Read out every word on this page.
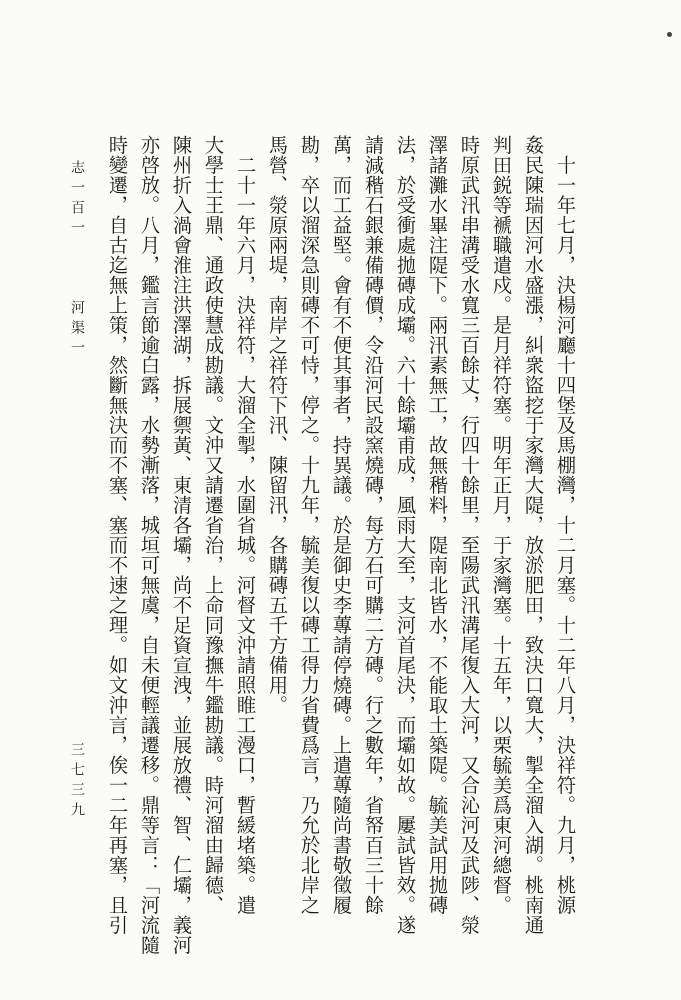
　十一年七月，決楊河廳十四堡及馬棚灣，十二月塞。十二年八月，決祥符。九月，桃源
姦民陳瑞因河水盛漲，糾衆盜挖于家灣大隄，放淤肥田，致決口寬大，掣全溜入湖。桃南通
判田鋭等褫職遣戍。是月祥符塞。明年正月，于家灣塞。十五年，以栗毓美爲東河總督。
時原武汛串溝受水寬三百餘丈，行四十餘里，至陽武汛溝尾復入大河，又合沁河及武陟、滎
澤諸灘水畢注隄下。兩汛素無工，故無稭料，隄南北皆水，不能取土築隄。毓美試用拋磚
法，於受衝處拋磚成壩。六十餘壩甫成，風雨大至，支河首尾決，而壩如故。屢試皆效。遂
請減稭石銀兼備磚價，令沿河民設窯燒磚，每方石可購二方磚。行之數年，省帑百三十餘
萬，而工益堅。會有不便其事者，持異議。於是御史李蓴請停燒磚。上遣蓴隨尚書敬徵履
勘，卒以溜深急則磚不可恃，停之。十九年，毓美復以磚工得力省費爲言，乃允於北岸之
馬營、滎原兩堤，南岸之祥符下汛、陳留汛，各購磚五千方備用。
　二十一年六月，決祥符，大溜全掣，水圍省城。河督文沖請照睢工漫口，暫緩堵築。遣
大學士王鼎、通政使慧成勘議。文沖又請遷省治，上命同豫撫牛鑑勘議。時河溜由歸德、
陳州折入渦會淮注洪澤湖，拆展禦黃、東清各壩，尚不足資宣洩，並展放禮、智、仁壩，義河
亦啓放。八月，鑑言節逾白露，水勢漸落，城垣可無虞，自未便輕議遷移。鼎等言：「河流隨
時變遷，自古迄無上策，然斷無決而不塞、塞而不速之理。如文沖言，俟一二年再塞，且引
志一百一
河渠一
三七三九
